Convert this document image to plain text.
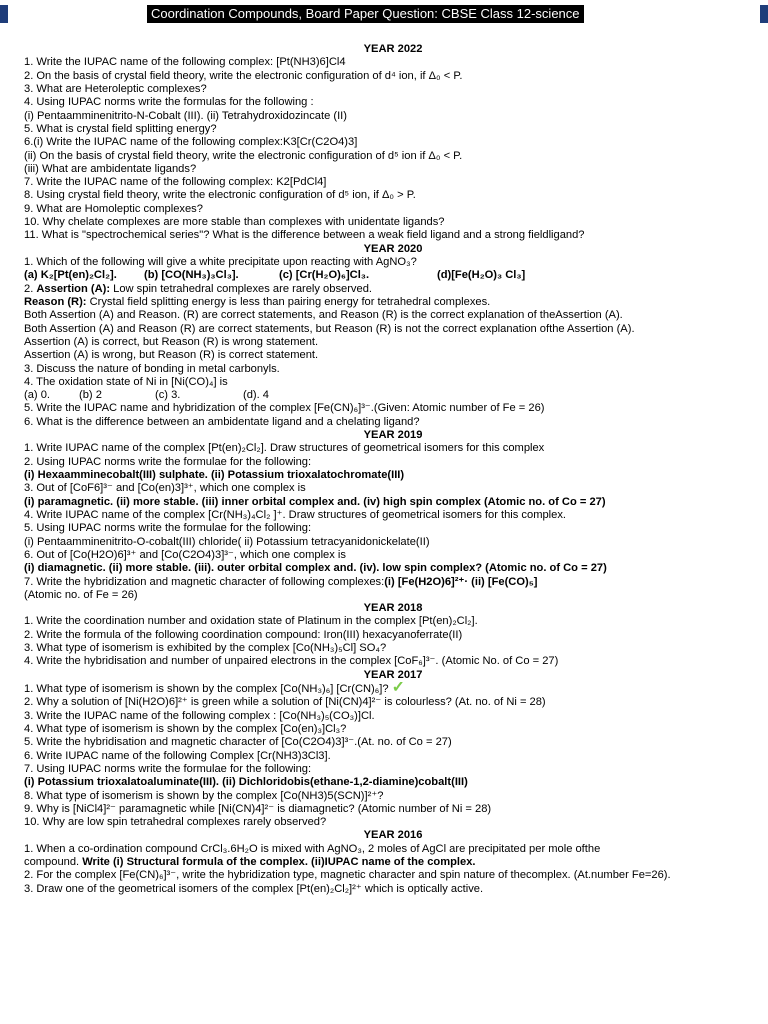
Coordination Compounds, Board Paper Question: CBSE Class 12-science
YEAR 2022
1. Write the IUPAC name of the following complex: [Pt(NH3)6]Cl4
2. On the basis of crystal field theory, write the electronic configuration of d⁴ ion, if Δ₀ < P.
3. What are Heteroleptic complexes?
4. Using IUPAC norms write the formulas for the following :
(i) Pentaamminenitrito-N-Cobalt (III). (ii) Tetrahydroxidozincate (II)
5. What is crystal field splitting energy?
6.(i) Write the IUPAC name of the following complex:K3[Cr(C2O4)3]
(ii) On the basis of crystal field theory, write the electronic configuration of d⁵ ion if Δ₀ < P.
(iii) What are ambidentate ligands?
7. Write the IUPAC name of the following complex: K2[PdCl4]
8. Using crystal field theory, write the electronic configuration of d⁵ ion, if Δ₀ > P.
9. What are Homoleptic complexes?
10. Why chelate complexes are more stable than complexes with unidentate ligands?
11. What is "spectrochemical series"? What is the difference between a weak field ligand and a strong fieldligand?
YEAR 2020
1. Which of the following will give a white precipitate upon reacting with AgNO₃?
(a) K₂[Pt(en)₂Cl₂]. (b) [CO(NH₃)₃Cl₃].	(c) [Cr(H₂O)₆]Cl₃.	(d)[Fe(H₂O)₃ Cl₃]
2. Assertion (A): Low spin tetrahedral complexes are rarely observed.
Reason (R): Crystal field splitting energy is less than pairing energy for tetrahedral complexes.
Both Assertion (A) and Reason. (R) are correct statements, and Reason (R) is the correct explanation of theAssertion (A).
Both Assertion (A) and Reason (R) are correct statements, but Reason (R) is not the correct explanation ofthe Assertion (A).
Assertion (A) is correct, but Reason (R) is wrong statement.
Assertion (A) is wrong, but Reason (R) is correct statement.
3. Discuss the nature of bonding in metal carbonyls.
4. The oxidation state of Ni in [Ni(CO)₄] is
(a) 0.	(b) 2	(c) 3.	(d). 4
5. Write the IUPAC name and hybridization of the complex [Fe(CN)₆]³⁻.(Given: Atomic number of Fe = 26)
6. What is the difference between an ambidentate ligand and a chelating ligand?
YEAR 2019
1. Write IUPAC name of the complex [Pt(en)₂Cl₂]. Draw structures of geometrical isomers for this complex
2. Using IUPAC norms write the formulae for the following:
(i) Hexaamminecobalt(III) sulphate. (ii) Potassium trioxalatochromate(III)
3. Out of [CoF6]³⁻ and [Co(en)3]³⁺, which one complex is
(i) paramagnetic. (ii) more stable. (iii) inner orbital complex and. (iv) high spin complex (Atomic no. of Co = 27)
4. Write IUPAC name of the complex [Cr(NH₃)₄Cl₂ ]⁺. Draw structures of geometrical isomers for this complex.
5. Using IUPAC norms write the formulae for the following:
(i) Pentaamminenitrito-O-cobalt(III) chloride( ii) Potassium tetracyanidonickelate(II)
6. Out of [Co(H2O)6]³⁺ and [Co(C2O4)3]³⁻, which one complex is
(i) diamagnetic. (ii) more stable. (iii). outer orbital complex and. (iv). low spin complex? (Atomic no. of Co = 27)
7. Write the hybridization and magnetic character of following complexes:(i) [Fe(H2O)6]²⁺· (ii) [Fe(CO)₅]
(Atomic no. of Fe = 26)
YEAR 2018
1. Write the coordination number and oxidation state of Platinum in the complex [Pt(en)₂Cl₂].
2. Write the formula of the following coordination compound: Iron(III) hexacyanoferrate(II)
3. What type of isomerism is exhibited by the complex [Co(NH₃)₅Cl] SO₄?
4. Write the hybridisation and number of unpaired electrons in the complex [CoF₆]³⁻. (Atomic No. of Co = 27)
YEAR 2017
1. What type of isomerism is shown by the complex [Co(NH₃)₆] [Cr(CN)₆]? ✓
2. Why a solution of [Ni(H2O)6]²⁺ is green while a solution of [Ni(CN)4]²⁻ is colourless? (At. no. of Ni = 28)
3. Write the IUPAC name of the following complex : [Co(NH₃)₅(CO₃)]Cl.
4. What type of isomerism is shown by the complex [Co(en)₃]Cl₃?
5. Write the hybridisation and magnetic character of [Co(C2O4)3]³⁻.(At. no. of Co = 27)
6. Write IUPAC name of the following Complex [Cr(NH3)3Cl3].
7. Using IUPAC norms write the formulae for the following:
(i) Potassium trioxalatoaluminate(III). (ii) Dichloridobis(ethane-1,2-diamine)cobalt(III)
8. What type of isomerism is shown by the complex [Co(NH3)5(SCN)]²⁺?
9. Why is [NiCl4]²⁻ paramagnetic while [Ni(CN)4]²⁻ is diamagnetic? (Atomic number of Ni = 28)
10. Why are low spin tetrahedral complexes rarely observed?
YEAR 2016
1. When a co-ordination compound CrCl₃.6H₂O is mixed with AgNO₃, 2 moles of AgCl are precipitated per mole ofthe
compound. Write (i) Structural formula of the complex. (ii)IUPAC name of the complex.
2. For the complex [Fe(CN)₆]³⁻, write the hybridization type, magnetic character and spin nature of thecomplex. (At.number Fe=26).
3. Draw one of the geometrical isomers of the complex [Pt(en)₂Cl₂]²⁺ which is optically active.
